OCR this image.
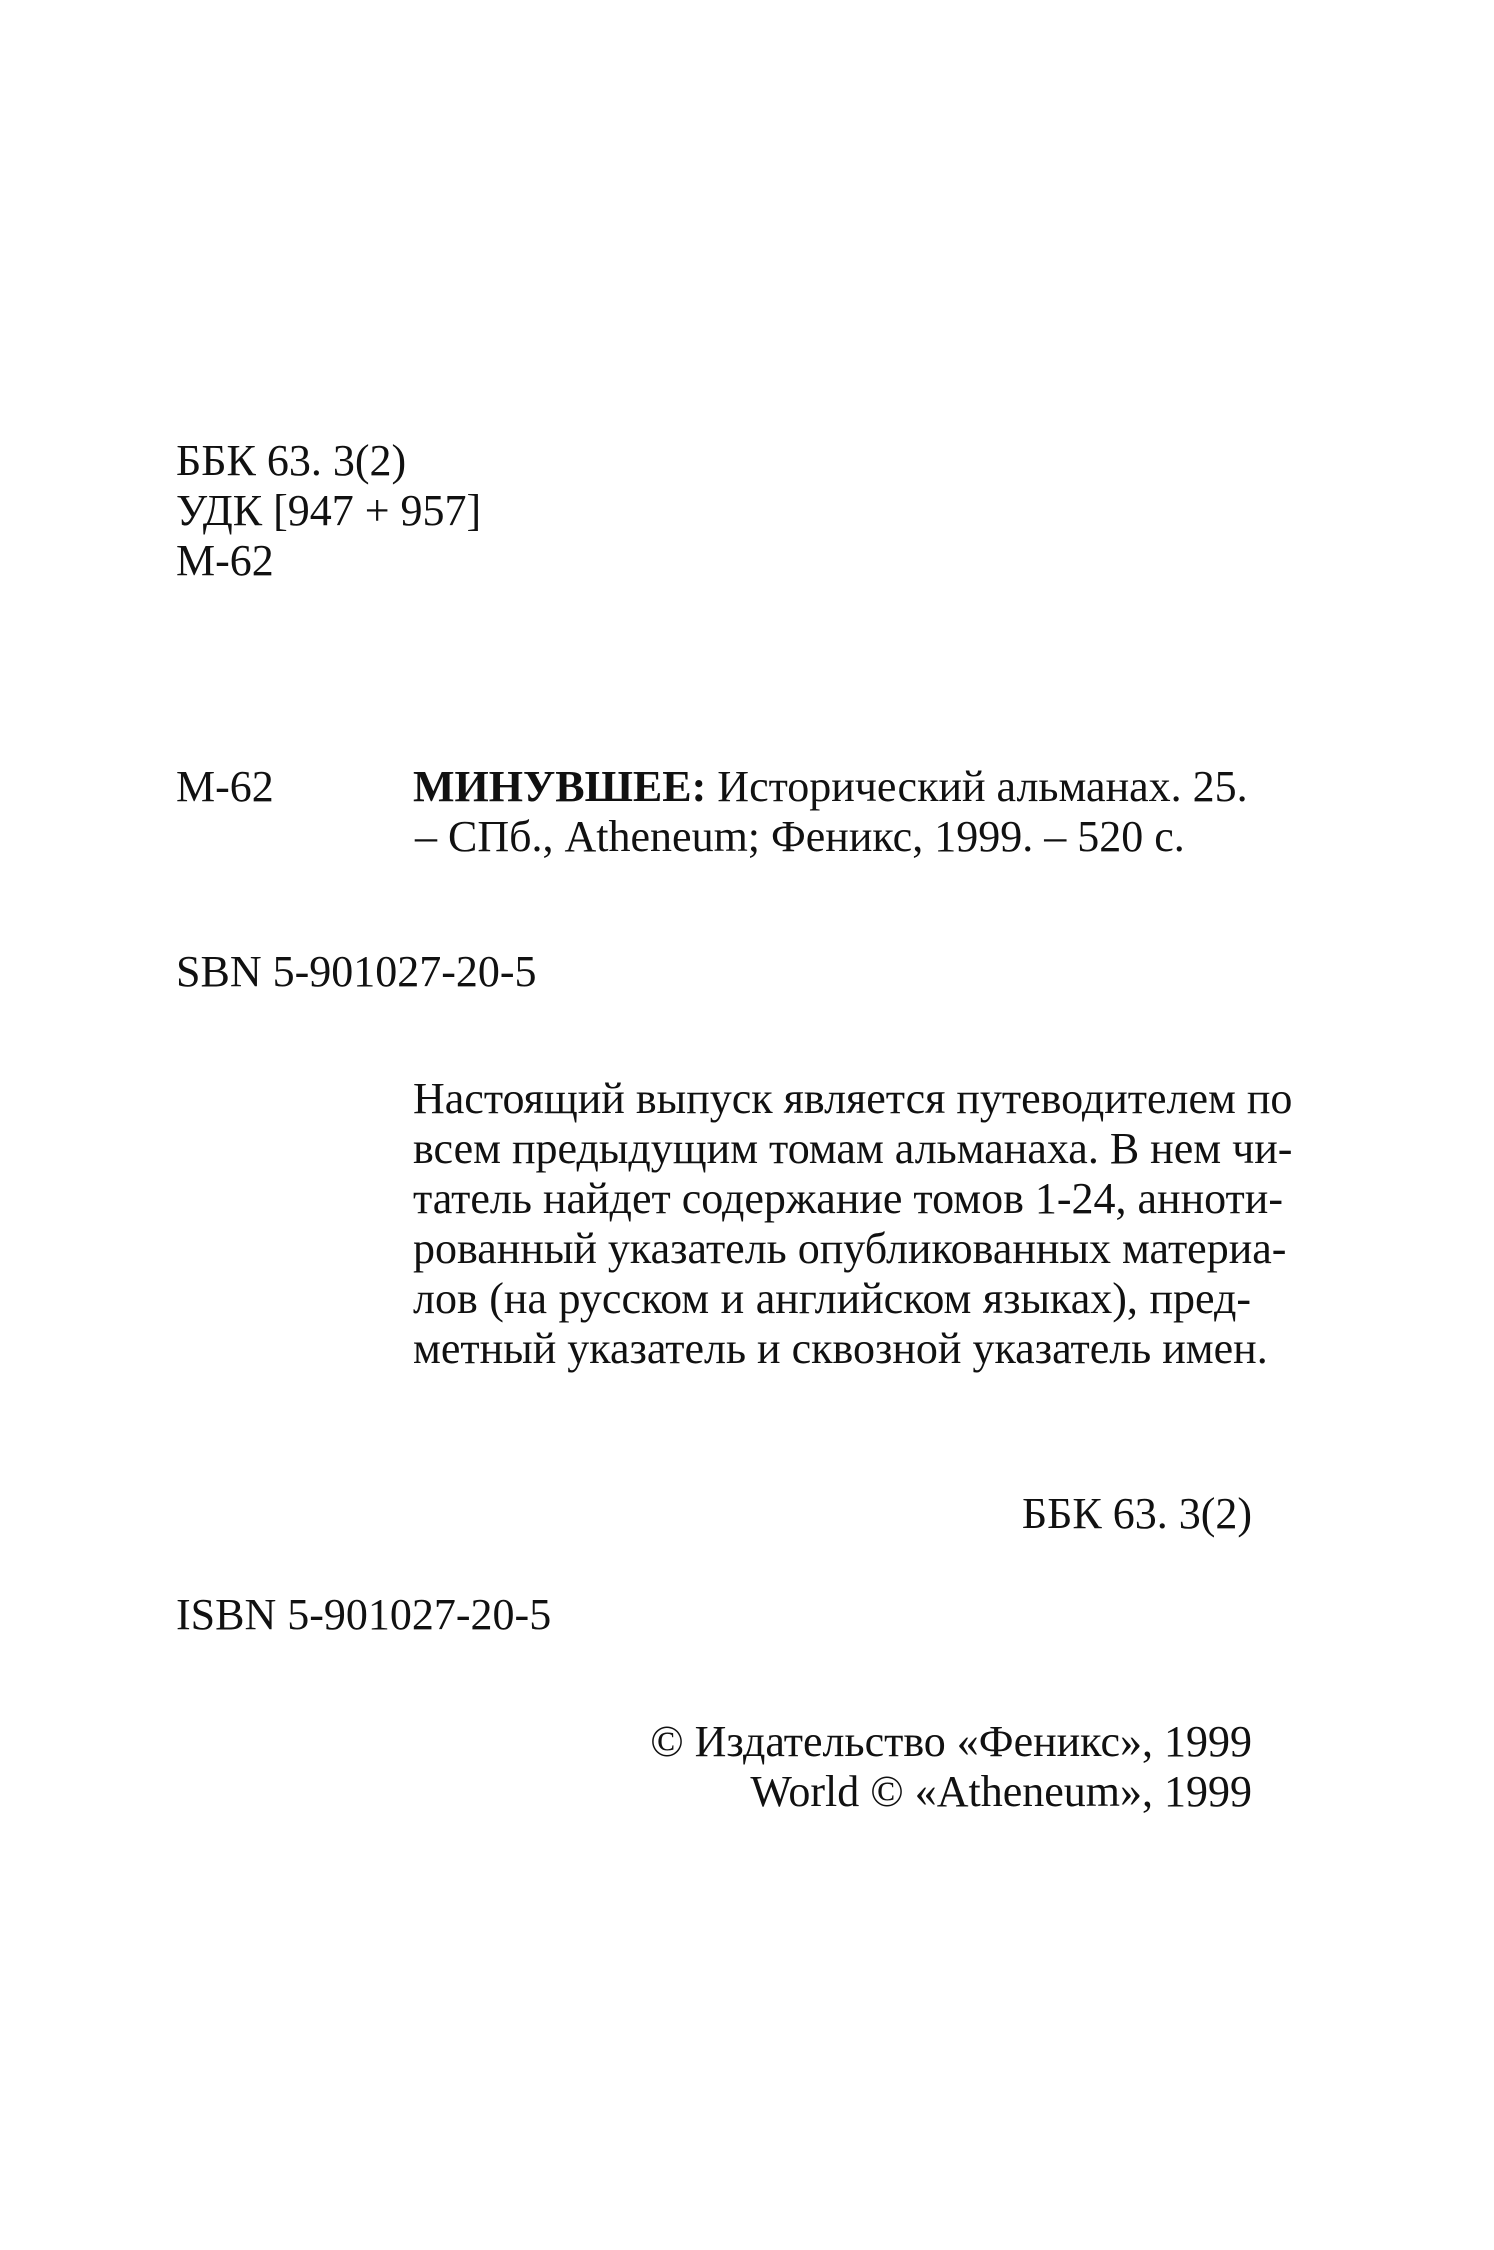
ББК 63. 3(2)
УДК [947 + 957]
М-62
М-62	МИНУВШЕЕ: Исторический альманах. 25.
– СПб., Atheneum; Феникс, 1999. – 520 с.
SBN 5-901027-20-5
Настоящий выпуск является путеводителем по
всем предыдущим томам альманаха. В нем чи-
татель найдет содержание томов 1-24, анноти-
рованный указатель опубликованных материа-
лов (на русском и английском языках), пред-
метный указатель и сквозной указатель имен.
ББК 63. 3(2)
ISBN 5-901027-20-5
© Издательство «Феникс», 1999
World © «Atheneum», 1999
